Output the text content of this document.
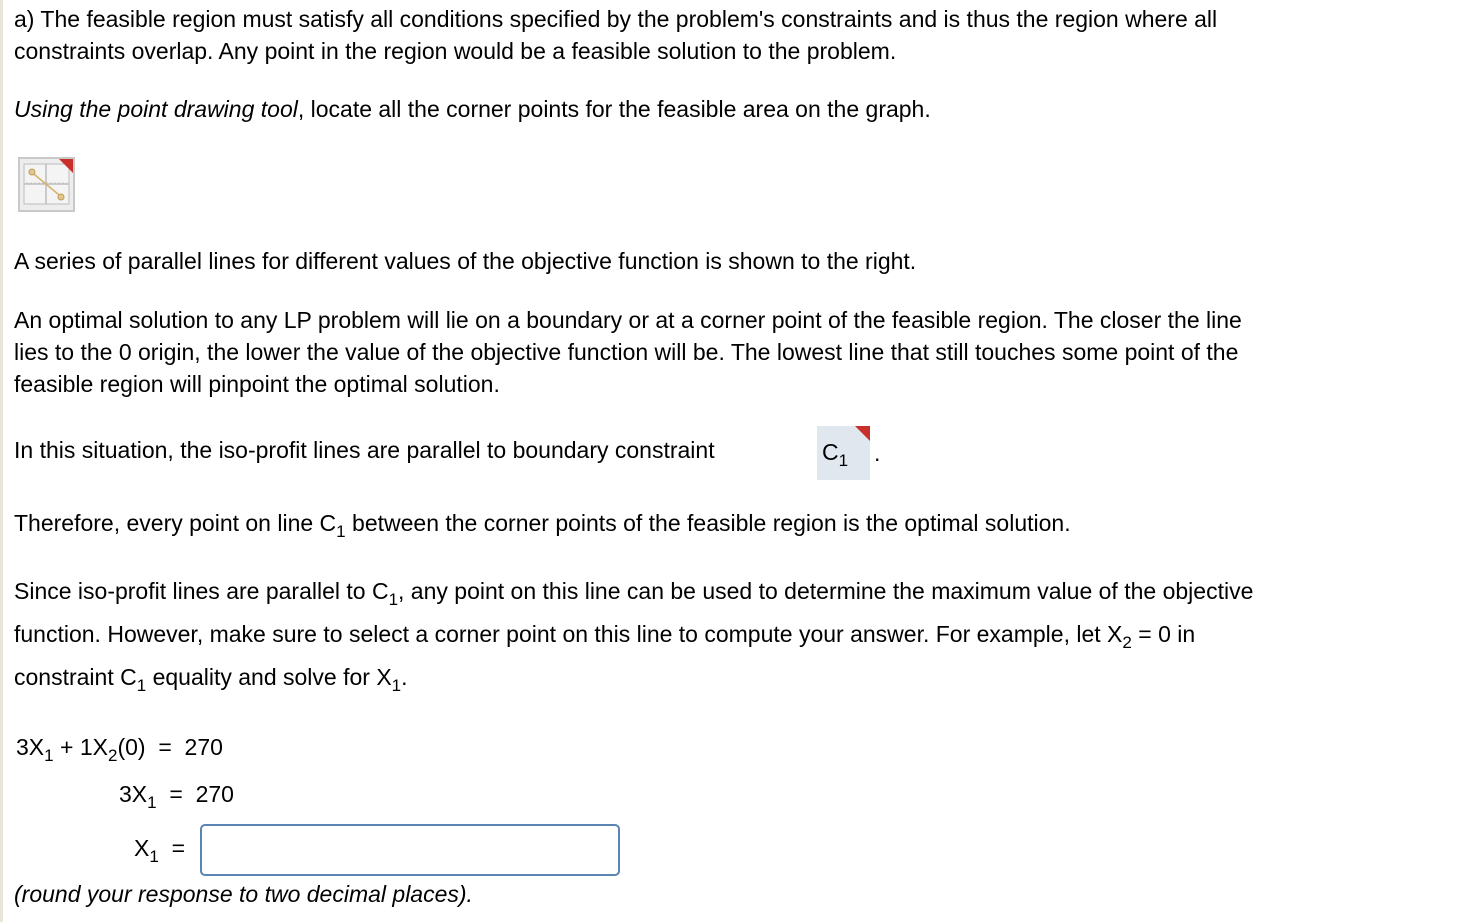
a) The feasible region must satisfy all conditions specified by the problem's constraints and is thus the region where all

constraints overlap. Any point in the region would be a feasible solution to the problem.

Using the point drawing tool, locate all the corner points for the feasible area on the graph.

A series of parallel lines for different values of the objective function is shown to the right.

An optimal solution to any LP problem will lie on a boundary or at a corner point of the feasible region. The closer the line

lies to the 0 origin, the lower the value of the objective function will be. The lowest line that still touches some point of the

feasible region will pinpoint the optimal solution.

In this situation, the iso-profit lines are parallel to boundary constraint	$C_1$ .

Therefore, every point on line $C_1$ between the corner points of the feasible region is the optimal solution.

Since iso-profit lines are parallel to $C_1$, any point on this line can be used to determine the maximum value of the objective

function. However, make sure to select a corner point on this line to compute your answer. For example, let $X_2 = 0$ in

constraint $C_1$ equality and solve for $X_1$.

$3X_1 + 1X_2(0) = 270$
$3X_1 = 270$
$X_1$  =

(round your response to two decimal places).
